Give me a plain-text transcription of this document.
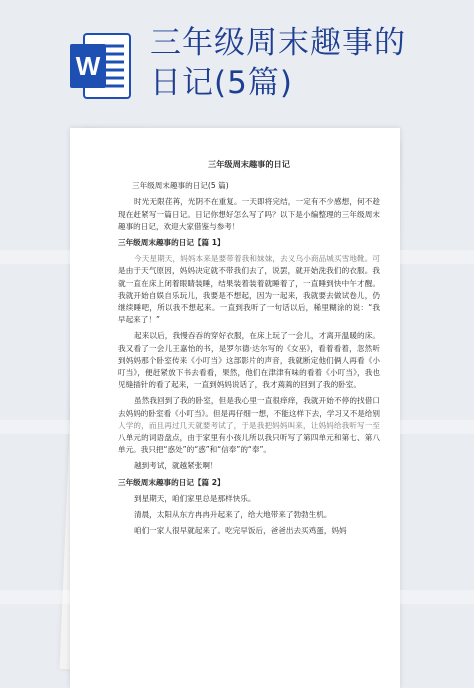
W
三年级周末趣事的
日记(5篇)
三年级周末趣事的日记
三年级周末趣事的日记(5 篇)
时光无限荏苒，光阴不在重复。一天即将完结，一定有不少感想，何不趁现在赶紧写一篇日记。日记你想好怎么写了吗？以下是小编整理的三年级周末趣事的日记，欢迎大家借鉴与参考！
三年级周末趣事的日记【篇 1】
今天星期天，妈妈本来是要带着我和妹妹，去义乌小商品城买雪地靴。可是由于天气原因，妈妈决定就不带我们去了，说罢，就开始洗我们的衣服。我就一直在床上闭着眼睛装睡，结果装着装着就睡着了，一直睡到快中午才醒。我就开始自娱自乐玩儿，我要是不想起，因为一起来，我就要去做试卷儿，仍继续睡吧，所以我不想起来。一直到我听了一句话以后，稀里糊涂的说：“我早起来了！”
起来以后，我慢吞吞的穿好衣服，在床上玩了一会儿，才离开温暖的床。我又看了一会儿王嘉怡的书，是罗尔德·达尔写的《女巫》，看着看着，忽然听到妈妈那个卧室传来《小叮当》这部影片的声音，我就断定他们俩人再看《小叮当》，便赶紧放下书去看看，果然，他们在津津有味的看着《小叮当》，我也见缝插针的看了起来，一直到妈妈说话了，我才蔫蔫的回到了我的卧室。
虽然我回到了我的卧室，但是我心里一直很痒痒，我就开始不停的找借口去妈妈的卧室看《小叮当》。但是再仔细一想，不能这样下去，学习又不是给别人学的，而且再过几天就要考试了，于是我把妈妈叫来，让妈妈给我听写一至八单元的词语盘点，由于家里有小孩儿所以我只听写了第四单元和第七、第八单元。我只把“惑处”的“惑”和“信奉”的“奉”。
越到考试，就越紧张啊！
三年级周末趣事的日记【篇 2】
到星期天，咱们家里总是那样快乐。
清晨，太阳从东方冉冉升起来了，给大地带来了勃勃生机。
咱们一家人很早就起来了。吃完早饭后，爸爸出去买鸡蛋，妈妈
